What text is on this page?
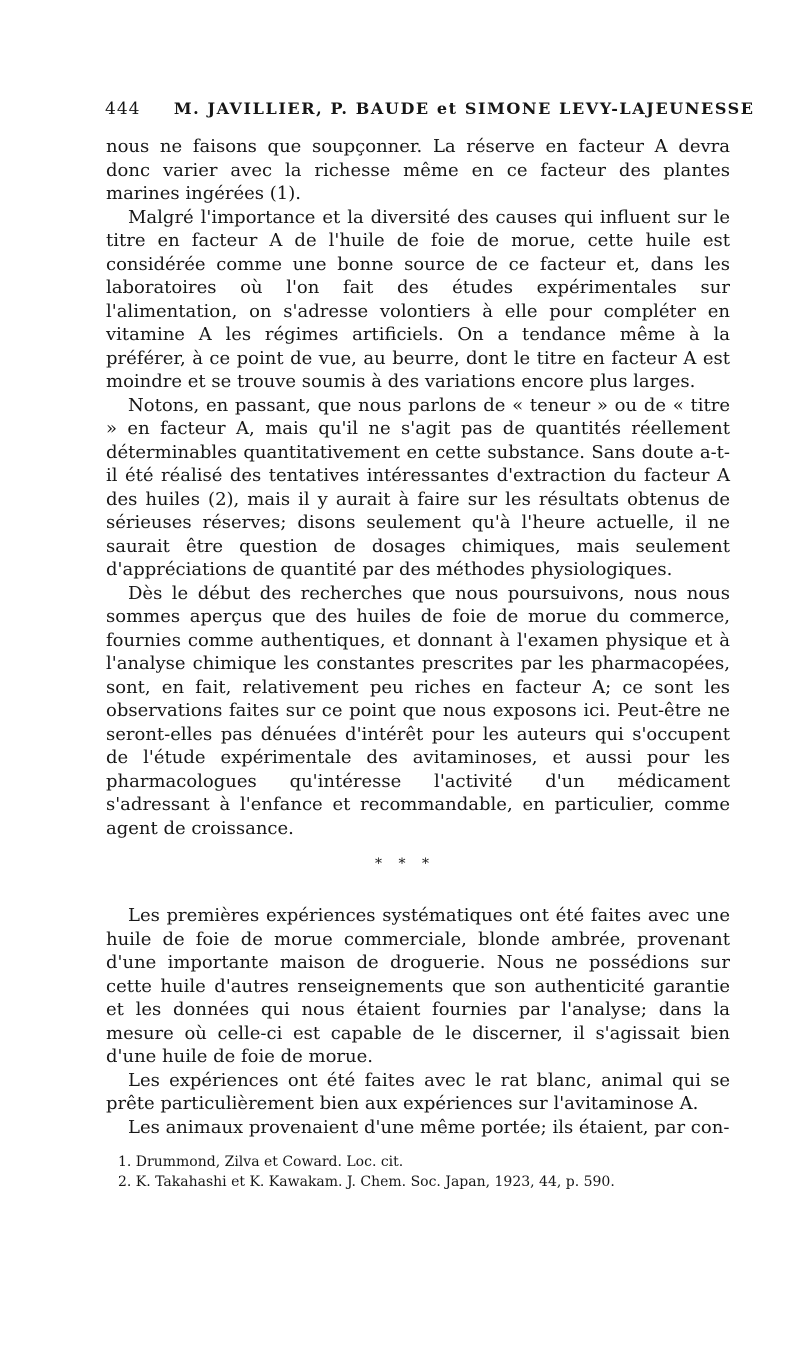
444 M. JAVILLIER, P. BAUDE et SIMONE LEVY-LAJEUNESSE

nous ne faisons que soupçonner. La réserve en facteur A devra donc varier avec la richesse même en ce facteur des plantes marines ingérées (1).

Malgré l'importance et la diversité des causes qui influent sur le titre en facteur A de l'huile de foie de morue, cette huile est considérée comme une bonne source de ce facteur et, dans les laboratoires où l'on fait des études expérimentales sur l'alimentation, on s'adresse volontiers à elle pour compléter en vitamine A les régimes artificiels. On a tendance même à la préférer, à ce point de vue, au beurre, dont le titre en facteur A est moindre et se trouve soumis à des variations encore plus larges.

Notons, en passant, que nous parlons de « teneur » ou de « titre » en facteur A, mais qu'il ne s'agit pas de quantités réellement déterminables quantitativement en cette substance. Sans doute a-t-il été réalisé des tentatives intéressantes d'extraction du facteur A des huiles (2), mais il y aurait à faire sur les résultats obtenus de sérieuses réserves; disons seulement qu'à l'heure actuelle, il ne saurait être question de dosages chimiques, mais seulement d'appréciations de quantité par des méthodes physiologiques.

Dès le début des recherches que nous poursuivons, nous nous sommes aperçus que des huiles de foie de morue du commerce, fournies comme authentiques, et donnant à l'examen physique et à l'analyse chimique les constantes prescrites par les pharmacopées, sont, en fait, relativement peu riches en facteur A; ce sont les observations faites sur ce point que nous exposons ici. Peut-être ne seront-elles pas dénuées d'intérêt pour les auteurs qui s'occupent de l'étude expérimentale des avitaminoses, et aussi pour les pharmacologues qu'intéresse l'activité d'un médicament s'adressant à l'enfance et recommandable, en particulier, comme agent de croissance.

* * *

Les premières expériences systématiques ont été faites avec une huile de foie de morue commerciale, blonde ambrée, provenant d'une importante maison de droguerie. Nous ne possédions sur cette huile d'autres renseignements que son authenticité garantie et les données qui nous étaient fournies par l'analyse; dans la mesure où celle-ci est capable de le discerner, il s'agissait bien d'une huile de foie de morue.

Les expériences ont été faites avec le rat blanc, animal qui se prête particulièrement bien aux expériences sur l'avitaminose A.

Les animaux provenaient d'une même portée; ils étaient, par con-

1. Drummond, Zilva et Coward. Loc. cit.

2. K. Takahashi et K. Kawakam. J. Chem. Soc. Japan, 1923, 44, p. 590.
